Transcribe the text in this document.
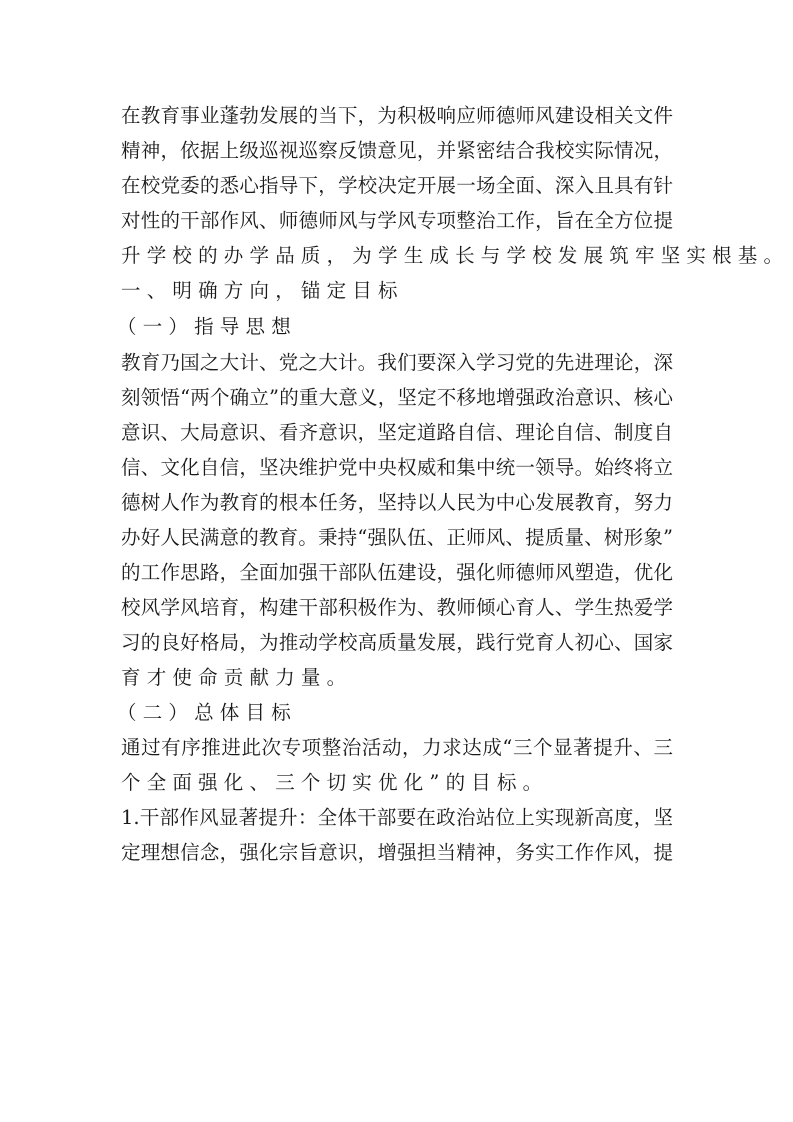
在教育事业蓬勃发展的当下，为积极响应师德师风建设相关文件
精神，依据上级巡视巡察反馈意见，并紧密结合我校实际情况，
在校党委的悉心指导下，学校决定开展一场全面、深入且具有针
对性的干部作风、师德师风与学风专项整治工作，旨在全方位提
升学校的办学品质，为学生成长与学校发展筑牢坚实根基。
一、明确方向，锚定目标
（一）指导思想
教育乃国之大计、党之大计。我们要深入学习党的先进理论，深
刻领悟“两个确立”的重大意义，坚定不移地增强政治意识、核心
意识、大局意识、看齐意识，坚定道路自信、理论自信、制度自
信、文化自信，坚决维护党中央权威和集中统一领导。始终将立
德树人作为教育的根本任务，坚持以人民为中心发展教育，努力
办好人民满意的教育。秉持“强队伍、正师风、提质量、树形象”
的工作思路，全面加强干部队伍建设，强化师德师风塑造，优化
校风学风培育，构建干部积极作为、教师倾心育人、学生热爱学
习的良好格局，为推动学校高质量发展，践行党育人初心、国家
育才使命贡献力量。
（二）总体目标
通过有序推进此次专项整治活动，力求达成“三个显著提升、三
个全面强化、三个切实优化”的目标。
1.干部作风显著提升：全体干部要在政治站位上实现新高度，坚
定理想信念，强化宗旨意识，增强担当精神，务实工作作风，提
